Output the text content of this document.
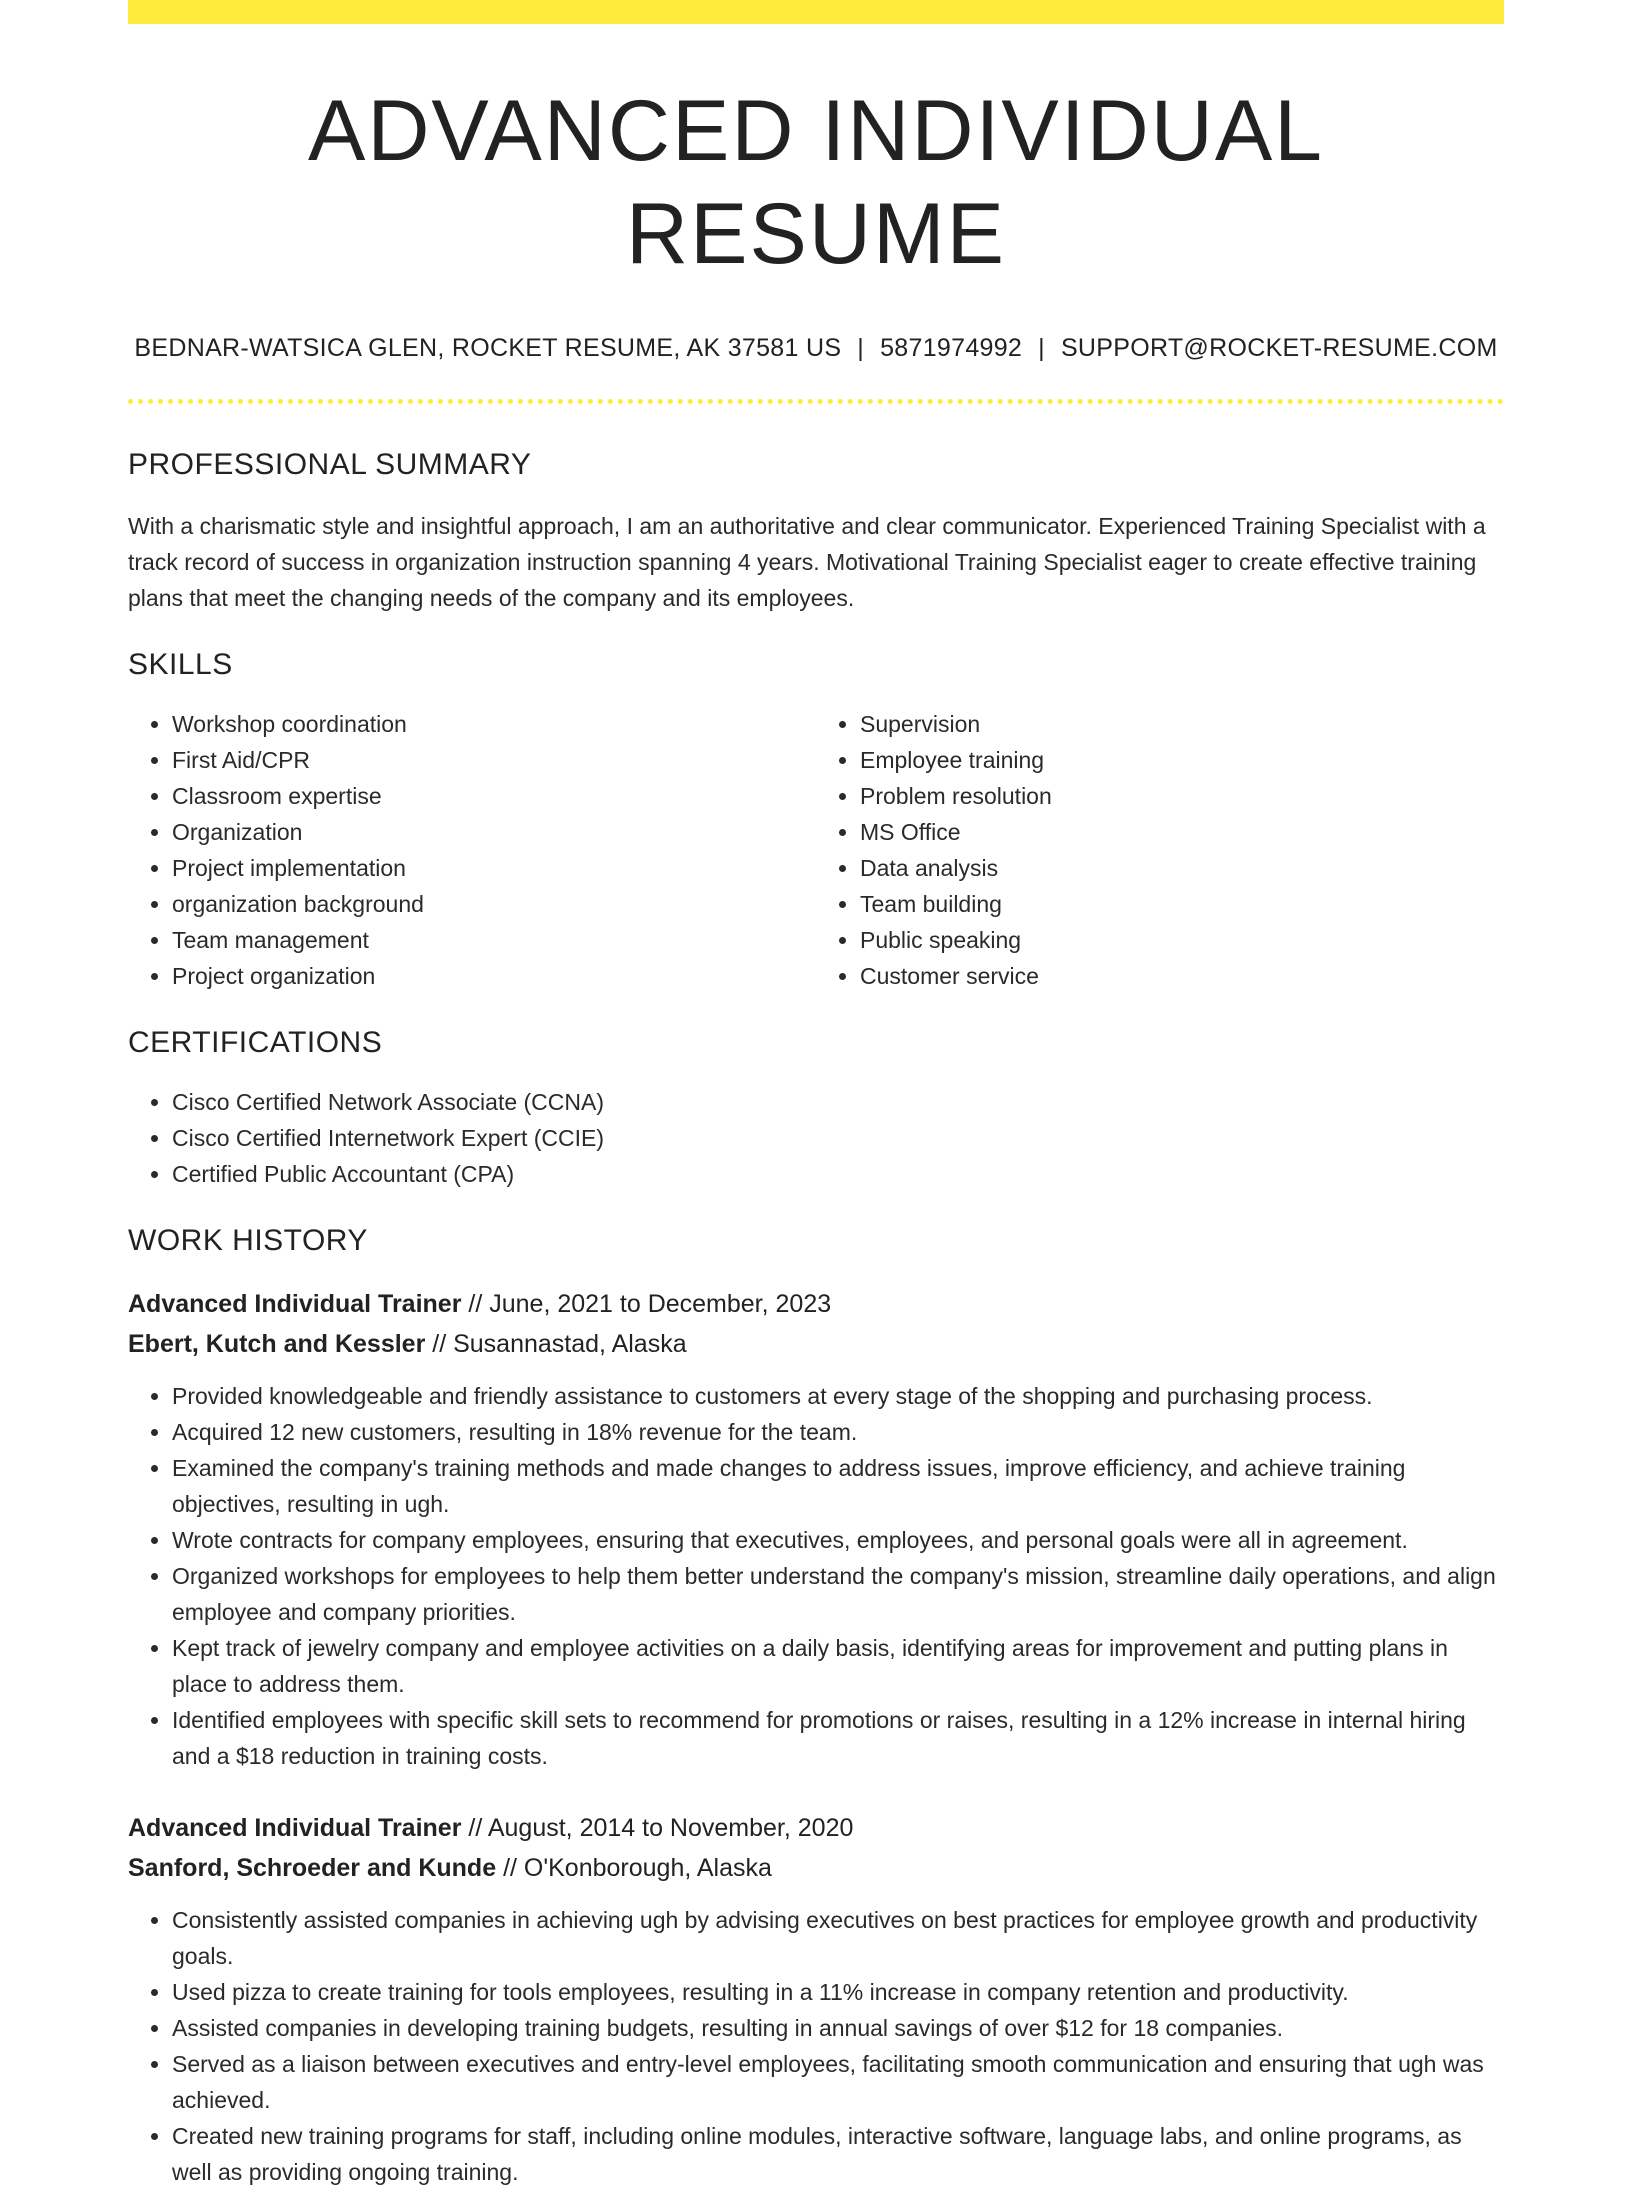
ADVANCED INDIVIDUAL RESUME
BEDNAR-WATSICA GLEN, ROCKET RESUME, AK 37581 US | 5871974992 | SUPPORT@ROCKET-RESUME.COM
PROFESSIONAL SUMMARY

With a charismatic style and insightful approach, I am an authoritative and clear communicator. Experienced Training Specialist with a track record of success in organization instruction spanning 4 years. Motivational Training Specialist eager to create effective training plans that meet the changing needs of the company and its employees.

SKILLS
• Workshop coordination
• First Aid/CPR
• Classroom expertise
• Organization
• Project implementation
• organization background
• Team management
• Project organization
• Supervision
• Employee training
• Problem resolution
• MS Office
• Data analysis
• Team building
• Public speaking
• Customer service
CERTIFICATIONS
• Cisco Certified Network Associate (CCNA)
• Cisco Certified Internetwork Expert (CCIE)
• Certified Public Accountant (CPA)
WORK HISTORY
Advanced Individual Trainer // June, 2021 to December, 2023
Ebert, Kutch and Kessler // Susannastad, Alaska
• Provided knowledgeable and friendly assistance to customers at every stage of the shopping and purchasing process.
• Acquired 12 new customers, resulting in 18% revenue for the team.
• Examined the company's training methods and made changes to address issues, improve efficiency, and achieve training objectives, resulting in ugh.
• Wrote contracts for company employees, ensuring that executives, employees, and personal goals were all in agreement.
• Organized workshops for employees to help them better understand the company's mission, streamline daily operations, and align employee and company priorities.
• Kept track of jewelry company and employee activities on a daily basis, identifying areas for improvement and putting plans in place to address them.
• Identified employees with specific skill sets to recommend for promotions or raises, resulting in a 12% increase in internal hiring and a $18 reduction in training costs.
Advanced Individual Trainer // August, 2014 to November, 2020
Sanford, Schroeder and Kunde // O'Konborough, Alaska
• Consistently assisted companies in achieving ugh by advising executives on best practices for employee growth and productivity goals.
• Used pizza to create training for tools employees, resulting in a 11% increase in company retention and productivity.
• Assisted companies in developing training budgets, resulting in annual savings of over $12 for 18 companies.
• Served as a liaison between executives and entry-level employees, facilitating smooth communication and ensuring that ugh was achieved.
• Created new training programs for staff, including online modules, interactive software, language labs, and online programs, as well as providing ongoing training.
